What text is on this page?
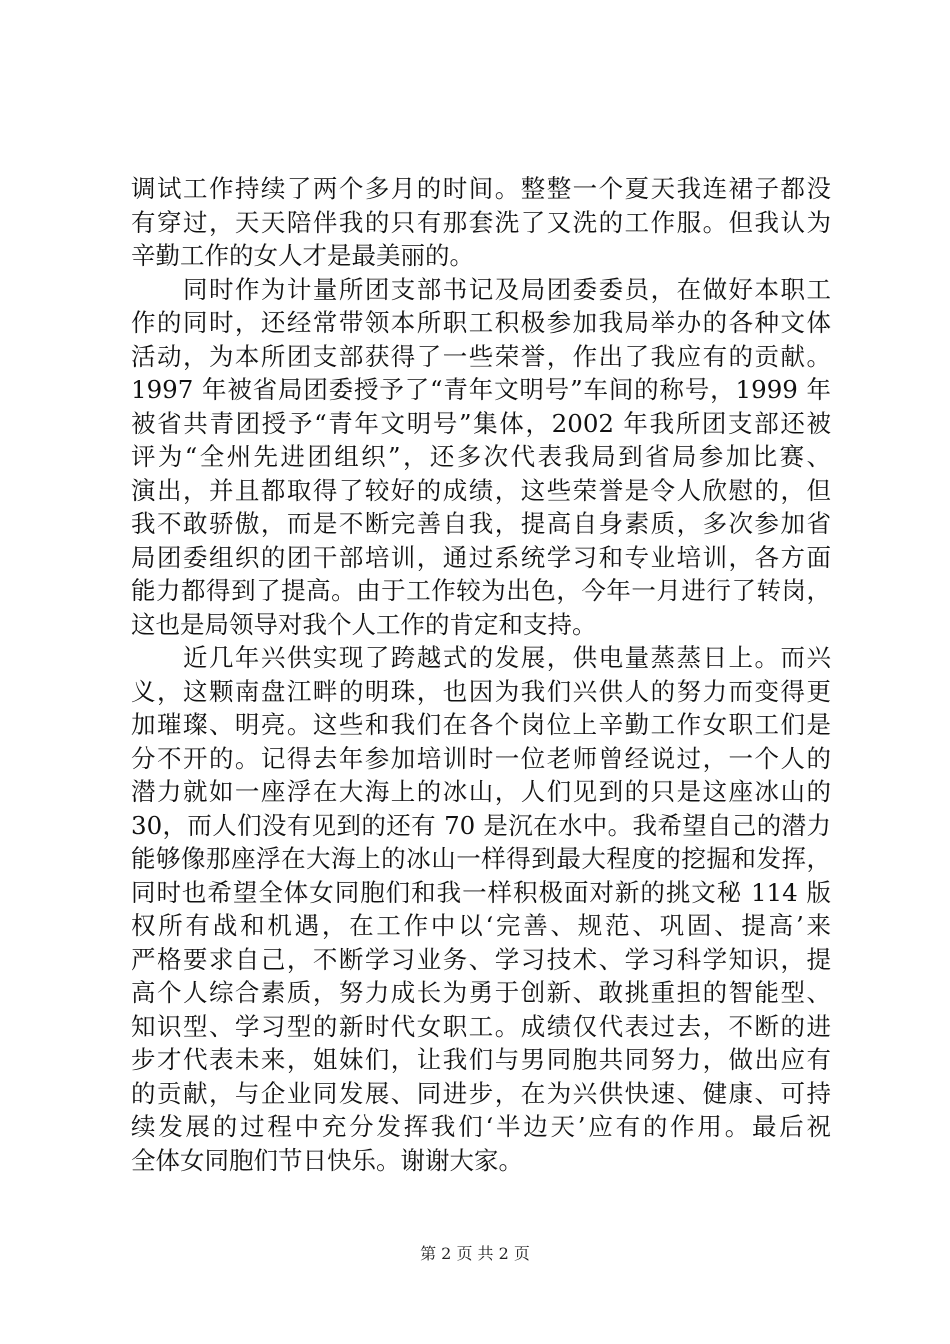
调试工作持续了两个多月的时间。整整一个夏天我连裙子都没
有穿过，天天陪伴我的只有那套洗了又洗的工作服。但我认为
辛勤工作的女人才是最美丽的。
　　同时作为计量所团支部书记及局团委委员，在做好本职工
作的同时，还经常带领本所职工积极参加我局举办的各种文体
活动，为本所团支部获得了一些荣誉，作出了我应有的贡献。
1997 年被省局团委授予了“青年文明号”车间的称号，1999 年
被省共青团授予“青年文明号”集体，2002 年我所团支部还被
评为“全州先进团组织”，还多次代表我局到省局参加比赛、
演出，并且都取得了较好的成绩，这些荣誉是令人欣慰的，但
我不敢骄傲，而是不断完善自我，提高自身素质，多次参加省
局团委组织的团干部培训，通过系统学习和专业培训，各方面
能力都得到了提高。由于工作较为出色，今年一月进行了转岗，
这也是局领导对我个人工作的肯定和支持。
　　近几年兴供实现了跨越式的发展，供电量蒸蒸日上。而兴
义，这颗南盘江畔的明珠，也因为我们兴供人的努力而变得更
加璀璨、明亮。这些和我们在各个岗位上辛勤工作女职工们是
分不开的。记得去年参加培训时一位老师曾经说过，一个人的
潜力就如一座浮在大海上的冰山，人们见到的只是这座冰山的
30，而人们没有见到的还有 70 是沉在水中。我希望自己的潜力
能够像那座浮在大海上的冰山一样得到最大程度的挖掘和发挥，
同时也希望全体女同胞们和我一样积极面对新的挑文秘 114 版
权所有战和机遇，在工作中以‘完善、规范、巩固、提高’来
严格要求自己，不断学习业务、学习技术、学习科学知识，提
高个人综合素质，努力成长为勇于创新、敢挑重担的智能型、
知识型、学习型的新时代女职工。成绩仅代表过去，不断的进
步才代表未来，姐妹们，让我们与男同胞共同努力，做出应有
的贡献，与企业同发展、同进步，在为兴供快速、健康、可持
续发展的过程中充分发挥我们‘半边天’应有的作用。最后祝
全体女同胞们节日快乐。谢谢大家。
第 2 页 共 2 页
